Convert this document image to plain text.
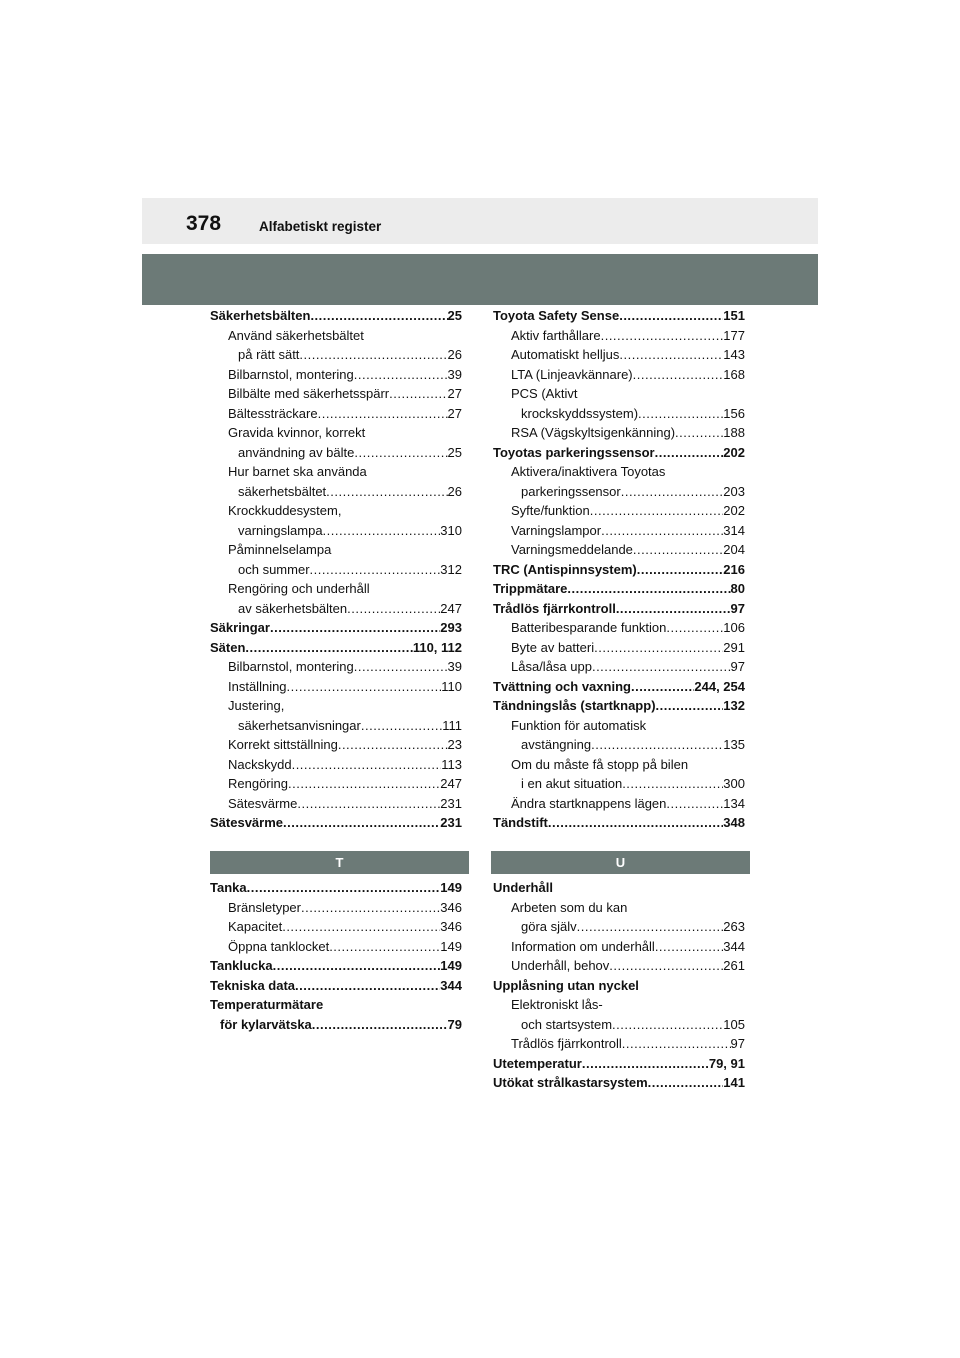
378	Alfabetiskt register
Säkerhetsbälten .....	25
Använd säkerhetsbältet
på rätt sätt .....	26
Bilbarnstol, montering .....	39
Bilbälte med säkerhetsspärr .....	27
Bältessträckare .....	27
Gravida kvinnor, korrekt
användning av bälte .....	25
Hur barnet ska använda
säkerhetsbältet .....	26
Krockkuddesystem,
varningslampa .....	310
Påminnelselampa
och summer .....	312
Rengöring och underhåll
av säkerhetsbälten .....	247
Säkringar .....	293
Säten .....	110, 112
Bilbarnstol, montering .....	39
Inställning .....	110
Justering,
säkerhetsanvisningar .....	111
Korrekt sittställning .....	23
Nackskydd .....	113
Rengöring .....	247
Sätesvärme .....	231
Sätesvärme .....	231
Toyota Safety Sense .....	151
Aktiv farthållare .....	177
Automatiskt helljus .....	143
LTA (Linjeavkännare) .....	168
PCS (Aktivt
krockskyddssystem) .....	156
RSA (Vägskyltsigenkänning) .....	188
Toyotas parkeringssensor .....	202
Aktivera/inaktivera Toyotas
parkeringssensor .....	203
Syfte/funktion .....	202
Varningslampor .....	314
Varningsmeddelande .....	204
TRC (Antispinnsystem) .....	216
Trippmätare .....	80
Trådlös fjärrkontroll .....	97
Batteribesparande funktion .....	106
Byte av batteri .....	291
Låsa/låsa upp .....	97
Tvättning och vaxning .....	244, 254
Tändningslås (startknapp) .....	132
Funktion för automatisk
avstängning .....	135
Om du måste få stopp på bilen
i en akut situation .....	300
Ändra startknappens lägen .....	134
Tändstift .....	348
T	U
Tanka .....	149
Bränsletyper .....	346
Kapacitet .....	346
Öppna tanklocket .....	149
Tanklucka .....	149
Tekniska data .....	344
Temperaturmätare
för kylarvätska .....	79
Underhåll
Arbeten som du kan
göra själv .....	263
Information om underhåll .....	344
Underhåll, behov .....	261
Upplåsning utan nyckel
Elektroniskt lås-
och startsystem .....	105
Trådlös fjärrkontroll .....	97
Utetemperatur .....	79, 91
Utökat strålkastarsystem .....	141
